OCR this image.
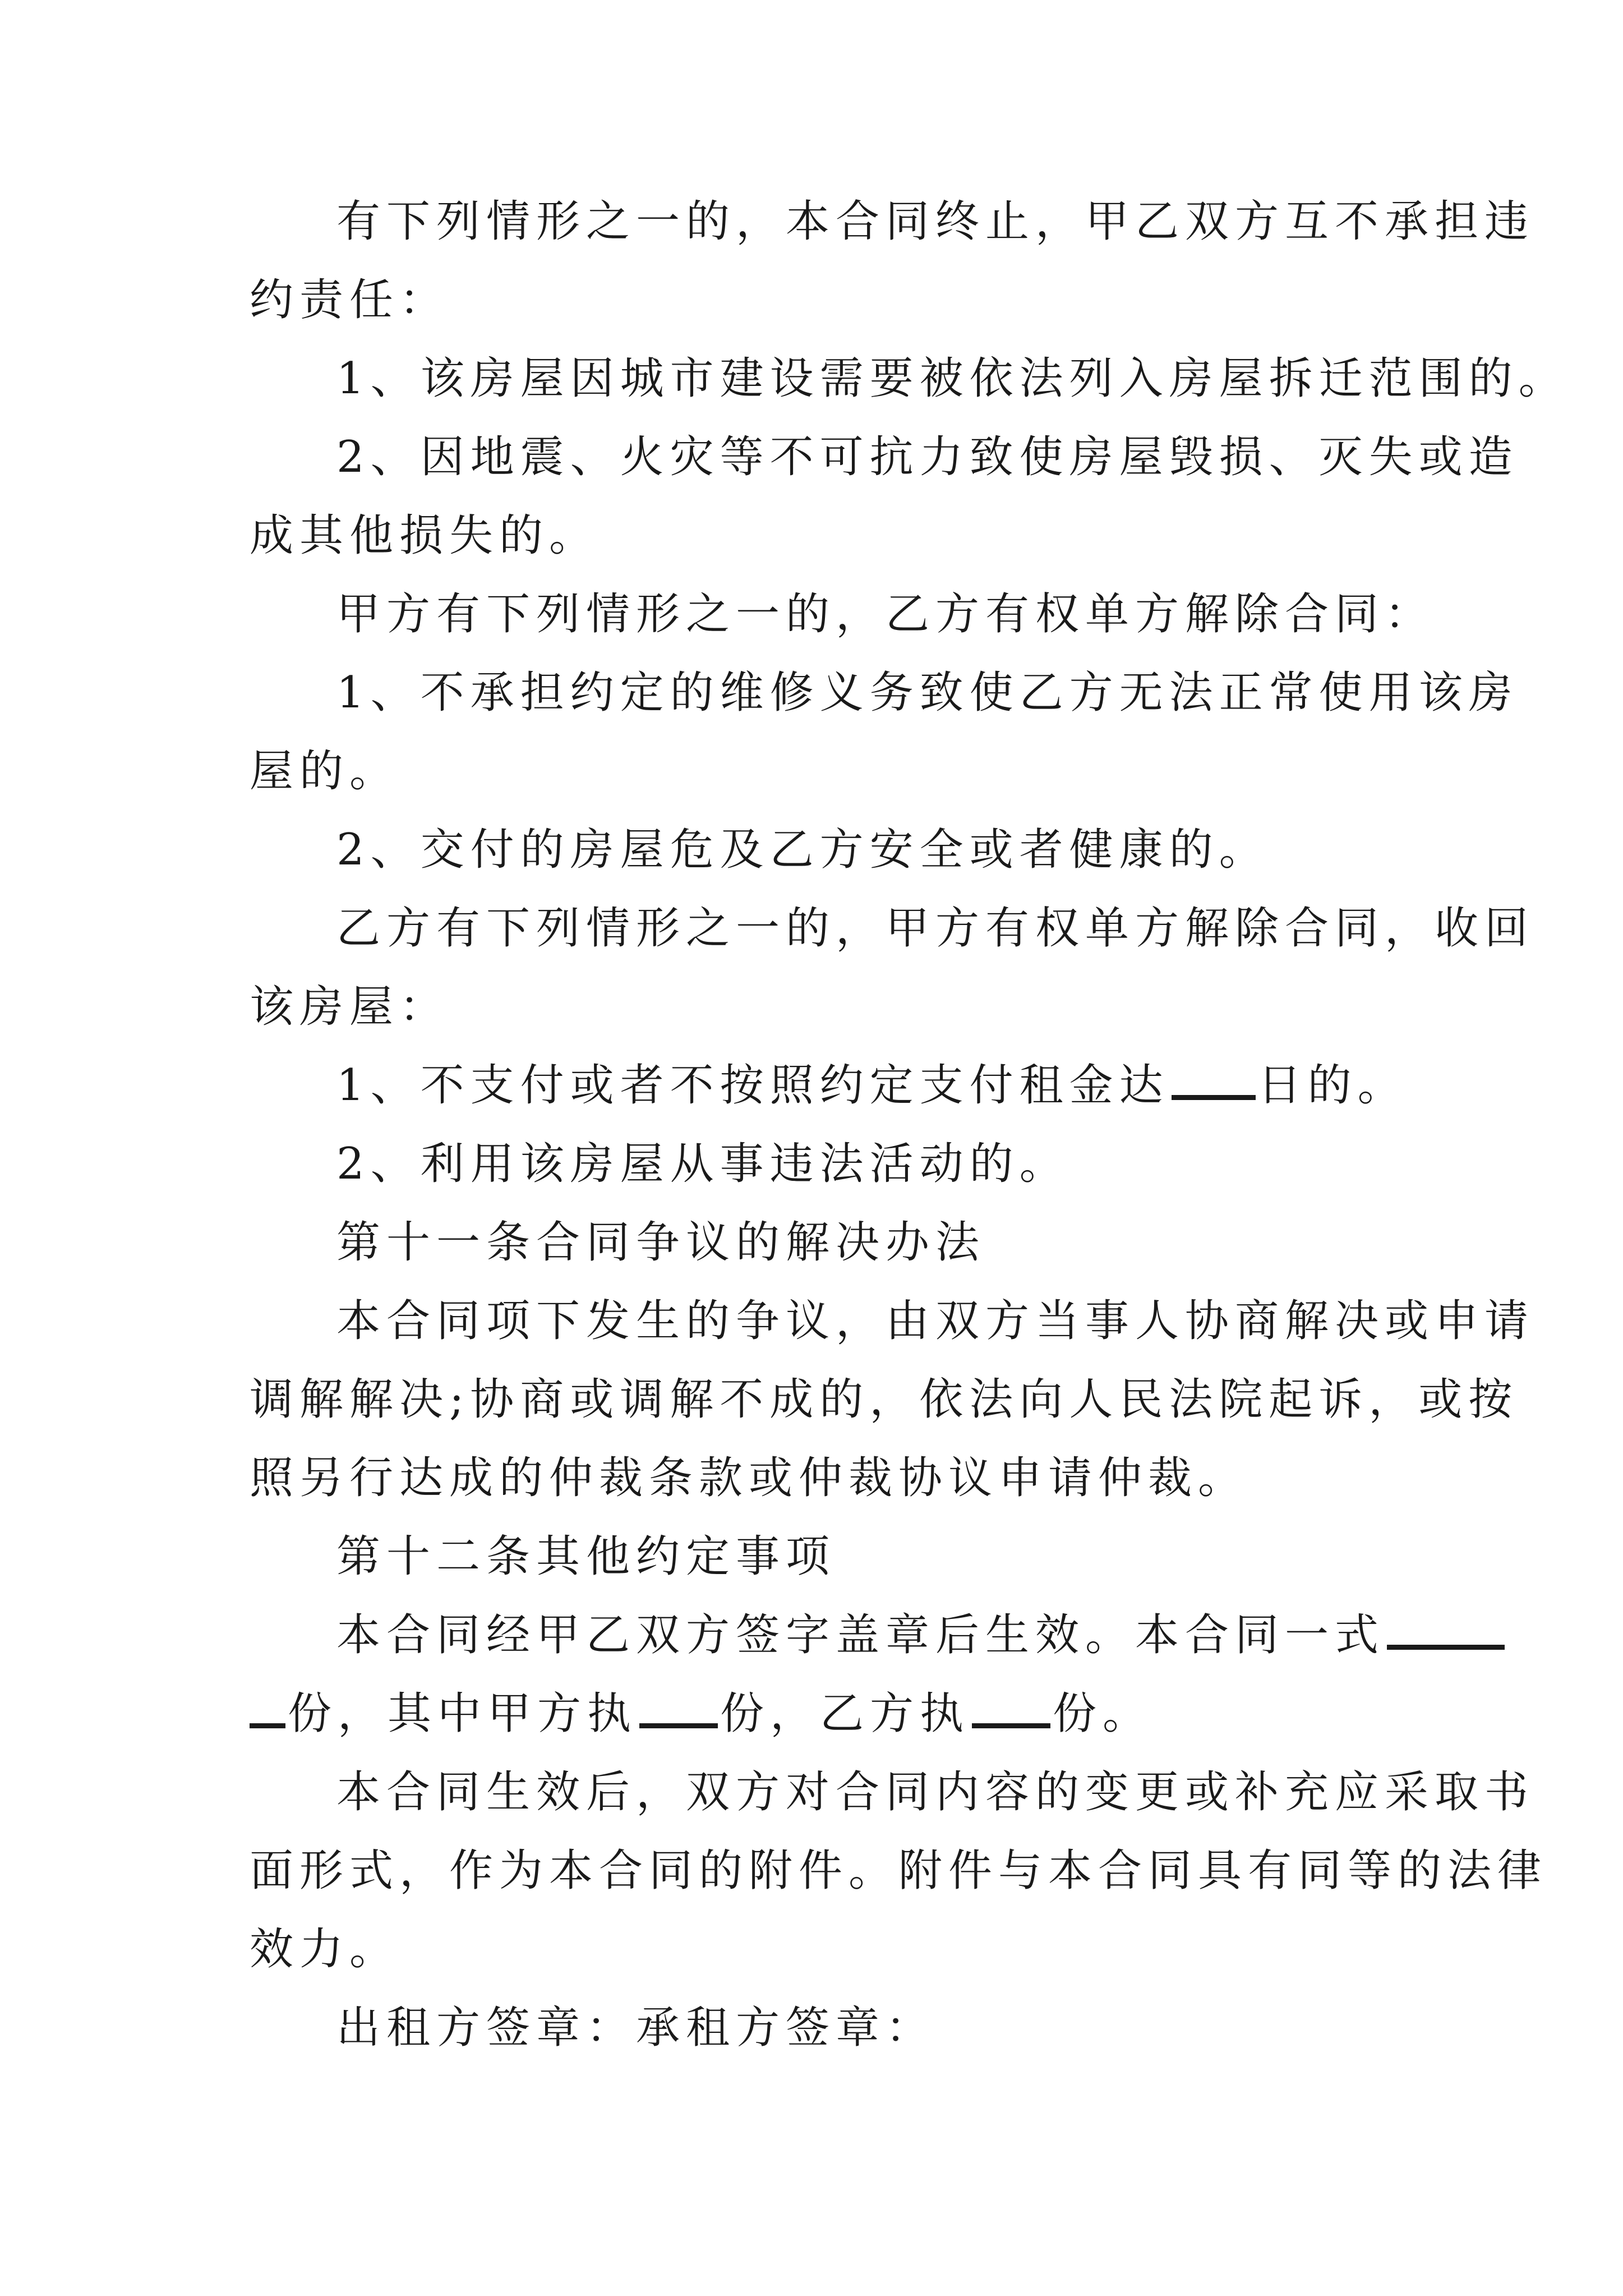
有下列情形之一的，本合同终止，甲乙双方互不承担违
约责任：
1、该房屋因城市建设需要被依法列入房屋拆迁范围的。
2、因地震、火灾等不可抗力致使房屋毁损、灭失或造
成其他损失的。
甲方有下列情形之一的，乙方有权单方解除合同：
1、不承担约定的维修义务致使乙方无法正常使用该房
屋的。
2、交付的房屋危及乙方安全或者健康的。
乙方有下列情形之一的，甲方有权单方解除合同，收回
该房屋：
1、不支付或者不按照约定支付租金达 日的。
2、利用该房屋从事违法活动的。
第十一条合同争议的解决办法
本合同项下发生的争议，由双方当事人协商解决或申请
调解解决;协商或调解不成的，依法向人民法院起诉，或按
照另行达成的仲裁条款或仲裁协议申请仲裁。
第十二条其他约定事项
本合同经甲乙双方签字盖章后生效。本合同一式
份，其中甲方执 份，乙方执 份。
本合同生效后，双方对合同内容的变更或补充应采取书
面形式，作为本合同的附件。附件与本合同具有同等的法律
效力。
出租方签章：承租方签章：
